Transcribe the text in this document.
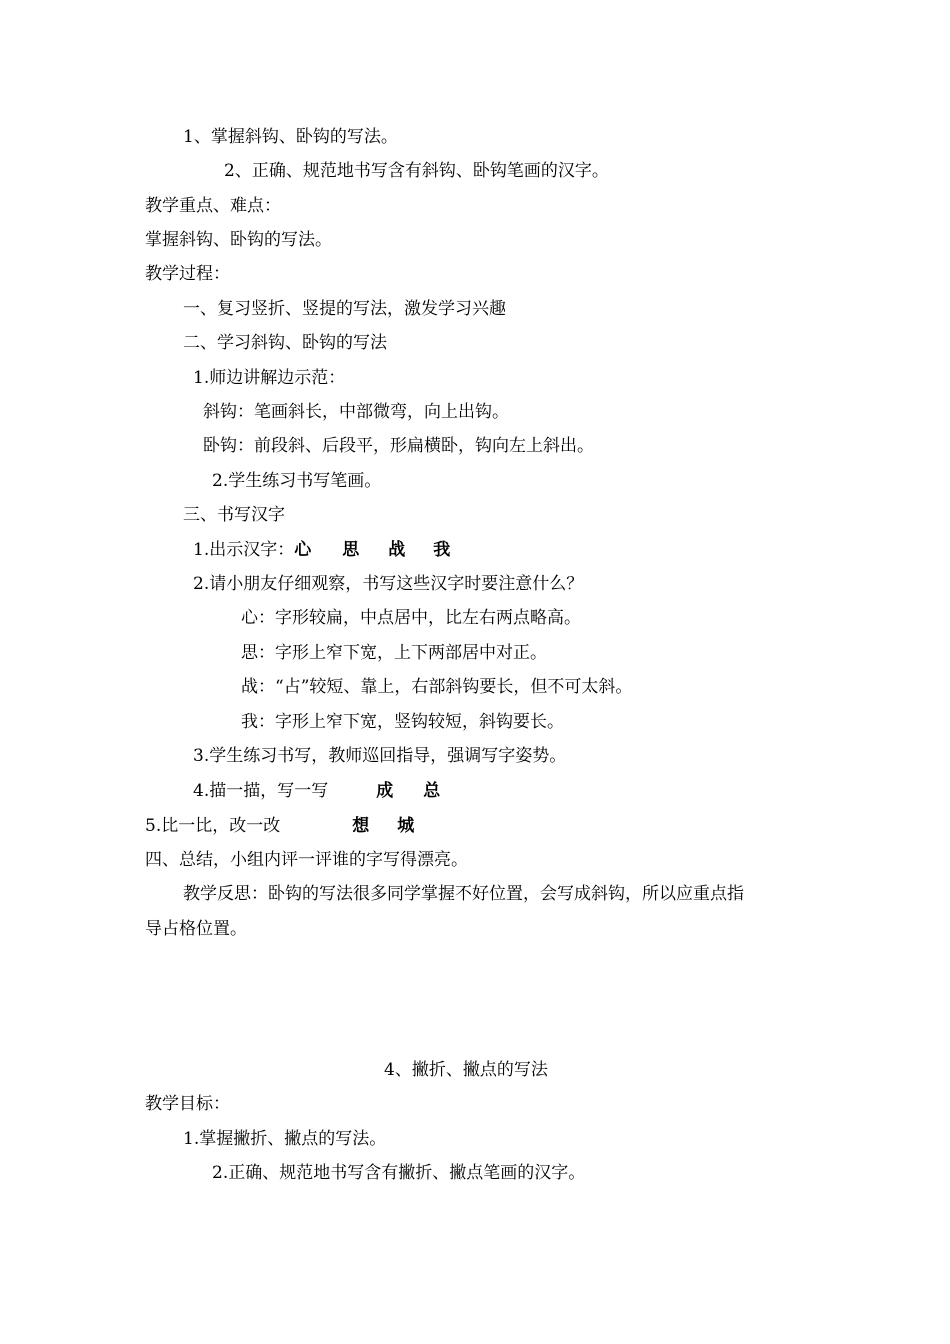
1、掌握斜钩、卧钩的写法。
2、正确、规范地书写含有斜钩、卧钩笔画的汉字。
教学重点、难点：
掌握斜钩、卧钩的写法。
教学过程：
一、复习竖折、竖提的写法，激发学习兴趣
二、学习斜钩、卧钩的写法
1.师边讲解边示范：
斜钩：笔画斜长，中部微弯，向上出钩。
卧钩：前段斜、后段平，形扁横卧，钩向左上斜出。
2.学生练习书写笔画。
三、书写汉字
1.出示汉字：心 思 战 我
2.请小朋友仔细观察，书写这些汉字时要注意什么？
心：字形较扁，中点居中，比左右两点略高。
思：字形上窄下宽，上下两部居中对正。
战：“占”较短、靠上，右部斜钩要长，但不可太斜。
我：字形上窄下宽，竖钩较短，斜钩要长。
3.学生练习书写，教师巡回指导，强调写字姿势。
4.描一描，写一写	成 总
5.比一比，改一改	想 城
四、总结，小组内评一评谁的字写得漂亮。
教学反思：卧钩的写法很多同学掌握不好位置，会写成斜钩，所以应重点指
导占格位置。
4、撇折、撇点的写法
教学目标：
1.掌握撇折、撇点的写法。
2.正确、规范地书写含有撇折、撇点笔画的汉字。
